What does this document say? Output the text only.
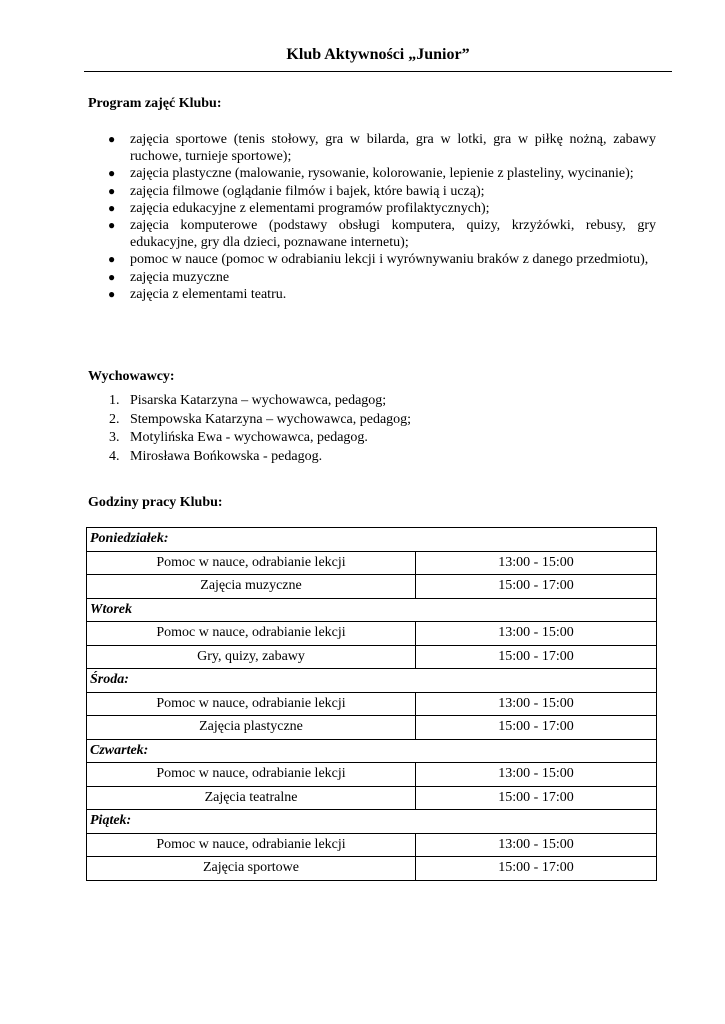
Klub Aktywności „Junior”
Program zajęć Klubu:
● zajęcia sportowe (tenis stołowy, gra w bilarda, gra w lotki, gra w piłkę nożną, zabawy ruchowe, turnieje sportowe);
● zajęcia plastyczne (malowanie, rysowanie, kolorowanie, lepienie z plasteliny, wycinanie);
● zajęcia filmowe (oglądanie filmów i bajek, które bawią i uczą);
● zajęcia edukacyjne z elementami programów profilaktycznych);
● zajęcia komputerowe (podstawy obsługi komputera, quizy, krzyżówki, rebusy, gry edukacyjne, gry dla dzieci, poznawane internetu);
● pomoc w nauce (pomoc w odrabianiu lekcji i wyrównywaniu braków z danego przedmiotu),
● zajęcia muzyczne
● zajęcia z elementami teatru.
Wychowawcy:
1. Pisarska Katarzyna – wychowawca, pedagog;
2. Stempowska Katarzyna – wychowawca, pedagog;
3. Motylińska Ewa - wychowawca, pedagog.
4. Mirosława Bońkowska - pedagog.
Godziny pracy Klubu:
Poniedziałek:	
Pomoc w nauce, odrabianie lekcji	13:00 - 15:00
Zajęcia muzyczne	15:00 - 17:00
Wtorek	
Pomoc w nauce, odrabianie lekcji	13:00 - 15:00
Gry, quizy, zabawy	15:00 - 17:00
Środa:	
Pomoc w nauce, odrabianie lekcji	13:00 - 15:00
Zajęcia plastyczne	15:00 - 17:00
Czwartek:	
Pomoc w nauce, odrabianie lekcji	13:00 - 15:00
Zajęcia teatralne	15:00 - 17:00
Piątek:	
Pomoc w nauce, odrabianie lekcji	13:00 - 15:00
Zajęcia sportowe	15:00 - 17:00
